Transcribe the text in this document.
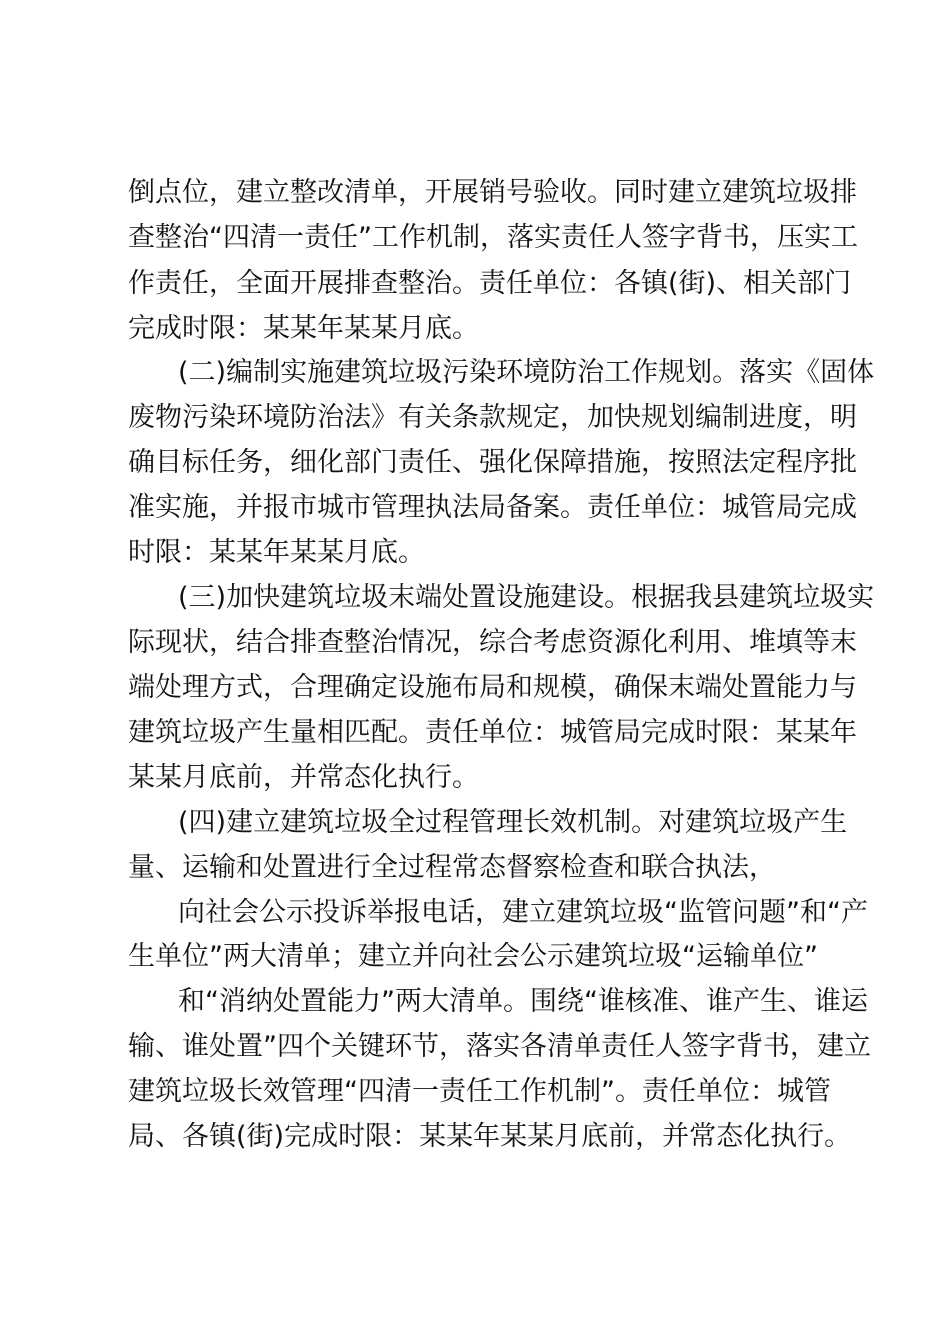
倒点位，建立整改清单，开展销号验收。同时建立建筑垃圾排
查整治“四清一责任”工作机制，落实责任人签字背书，压实工
作责任，全面开展排查整治。责任单位：各镇(街)、相关部门
完成时限：某某年某某月底。
(二)编制实施建筑垃圾污染环境防治工作规划。落实《固体
废物污染环境防治法》有关条款规定，加快规划编制进度，明
确目标任务，细化部门责任、强化保障措施，按照法定程序批
准实施，并报市城市管理执法局备案。责任单位：城管局完成
时限：某某年某某月底。
(三)加快建筑垃圾末端处置设施建设。根据我县建筑垃圾实
际现状，结合排查整治情况，综合考虑资源化利用、堆填等末
端处理方式，合理确定设施布局和规模，确保末端处置能力与
建筑垃圾产生量相匹配。责任单位：城管局完成时限：某某年
某某月底前，并常态化执行。
(四)建立建筑垃圾全过程管理长效机制。对建筑垃圾产生
量、运输和处置进行全过程常态督察检查和联合执法，
向社会公示投诉举报电话，建立建筑垃圾“监管问题”和“产
生单位”两大清单；建立并向社会公示建筑垃圾“运输单位”
和“消纳处置能力”两大清单。围绕“谁核准、谁产生、谁运
输、谁处置”四个关键环节，落实各清单责任人签字背书，建立
建筑垃圾长效管理“四清一责任工作机制”。责任单位：城管
局、各镇(街)完成时限：某某年某某月底前，并常态化执行。
